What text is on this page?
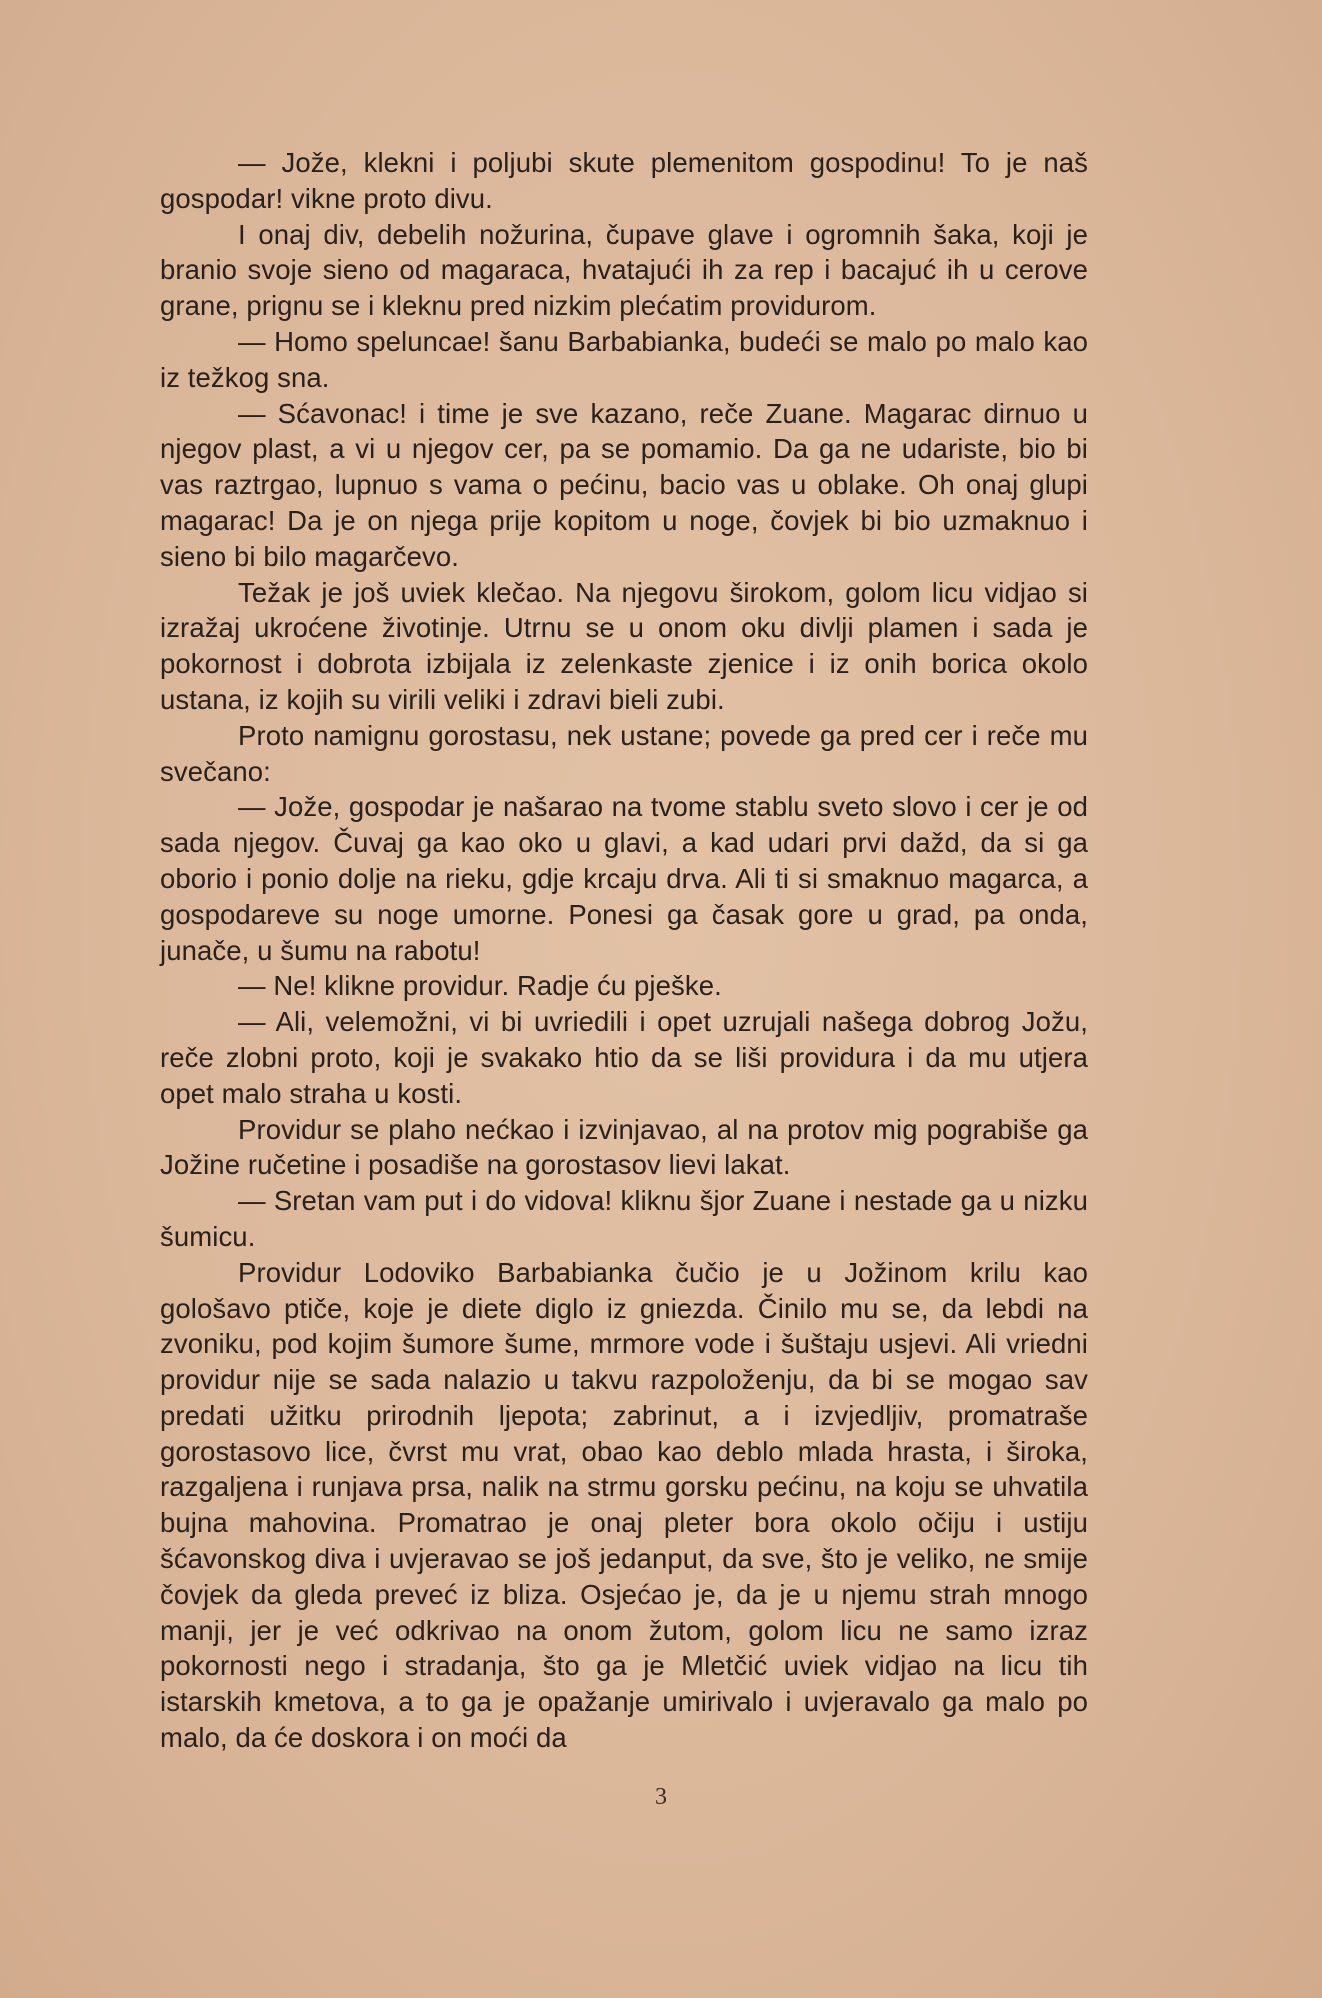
— Jože, klekni i poljubi skute plemenitom gospodinu! To je naš gospodar! vikne proto divu.

I onaj div, debelih nožurina, čupave glave i ogromnih šaka, koji je branio svoje sieno od magaraca, hvatajući ih za rep i bacajuć ih u cerove grane, prignu se i kleknu pred nizkim plećatim providurom.

— Homo speluncae! šanu Barbabianka, budeći se malo po malo kao iz težkog sna.

— Sćavonac! i time je sve kazano, reče Zuane. Magarac dirnuo u njegov plast, a vi u njegov cer, pa se pomamio. Da ga ne udariste, bio bi vas raztrgao, lupnuo s vama o pećinu, bacio vas u oblake. Oh onaj glupi magarac! Da je on njega prije kopitom u noge, čovjek bi bio uzmaknuo i sieno bi bilo magarčevo.

Težak je još uviek klečao. Na njegovu širokom, golom licu vidjao si izražaj ukroćene životinje. Utrnu se u onom oku divlji plamen i sada je pokornost i dobrota izbijala iz zelenkaste zjenice i iz onih borica okolo ustana, iz kojih su virili veliki i zdravi bieli zubi.

Proto namignu gorostasu, nek ustane; povede ga pred cer i reče mu svečano:

— Jože, gospodar je našarao na tvome stablu sveto slovo i cer je od sada njegov. Čuvaj ga kao oko u glavi, a kad udari prvi dažd, da si ga oborio i ponio dolje na rieku, gdje krcaju drva. Ali ti si smaknuo magarca, a gospodareve su noge umorne. Ponesi ga časak gore u grad, pa onda, junače, u šumu na rabotu!

— Ne! klikne providur. Radje ću pješke.

— Ali, velemožni, vi bi uvriedili i opet uzrujali našega dobrog Jožu, reče zlobni proto, koji je svakako htio da se liši providura i da mu utjera opet malo straha u kosti.

Providur se plaho nećkao i izvinjavao, al na protov mig pograbiše ga Jožine ručetine i posadiše na gorostasov lievi lakat.

— Sretan vam put i do vidova! kliknu šjor Zuane i nestade ga u nizku šumicu.

Providur Lodoviko Barbabianka čučio je u Jožinom krilu kao gološavo ptiče, koje je diete diglo iz gniezda. Činilo mu se, da lebdi na zvoniku, pod kojim šumore šume, mrmore vode i šuštaju usjevi. Ali vriedni providur nije se sada nalazio u takvu razpoloženju, da bi se mogao sav predati užitku prirodnih ljepota; zabrinut, a i izvjedljiv, promatraše gorostasovo lice, čvrst mu vrat, obao kao deblo mlada hrasta, i široka, razgaljena i runjava prsa, nalik na strmu gorsku pećinu, na koju se uhvatila bujna mahovina. Promatrao je onaj pleter bora okolo očiju i ustiju šćavonskog diva i uvjeravao se još jedanput, da sve, što je veliko, ne smije čovjek da gleda preveć iz bliza. Osjećao je, da je u njemu strah mnogo manji, jer je već odkrivao na onom žutom, golom licu ne samo izraz pokornosti nego i stradanja, što ga je Mletčić uviek vidjao na licu tih istarskih kmetova, a to ga je opažanje umirivalo i uvjeravalo ga malo po malo, da će doskora i on moći da

3
